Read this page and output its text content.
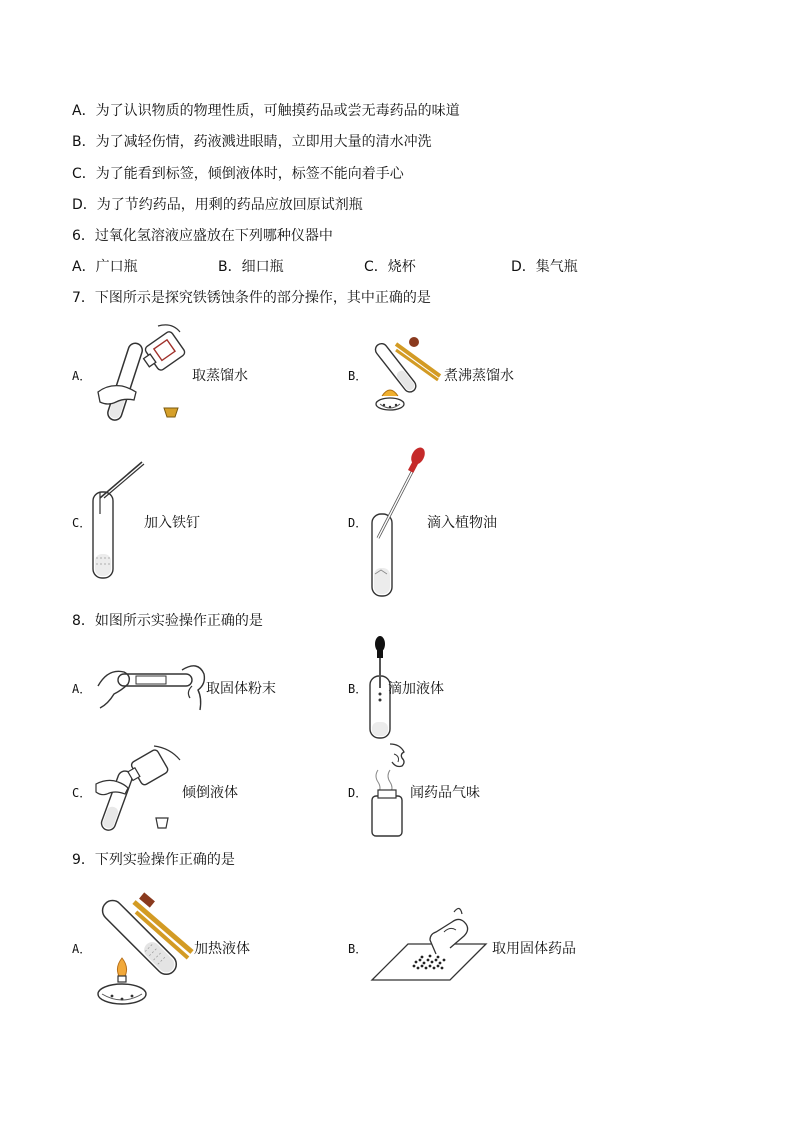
A．为了认识物质的物理性质，可触摸药品或尝无毒药品的味道
B．为了减轻伤情，药液溅进眼睛，立即用大量的清水冲洗
C．为了能看到标签，倾倒液体时，标签不能向着手心
D．为了节约药品，用剩的药品应放回原试剂瓶
6．过氧化氢溶液应盛放在下列哪种仪器中
A．广口瓶	B．细口瓶	C．烧杯	D．集气瓶
7．下图所示是探究铁锈蚀条件的部分操作，其中正确的是
A．	取蒸馏水	B．	煮沸蒸馏水
C．	加入铁钉	D．	滴入植物油
8．如图所示实验操作正确的是
A．	取固体粉末	B． 滴加液体
C．	倾倒液体	D．	闻药品气味
9．下列实验操作正确的是
A．	加热液体	B．	取用固体药品
